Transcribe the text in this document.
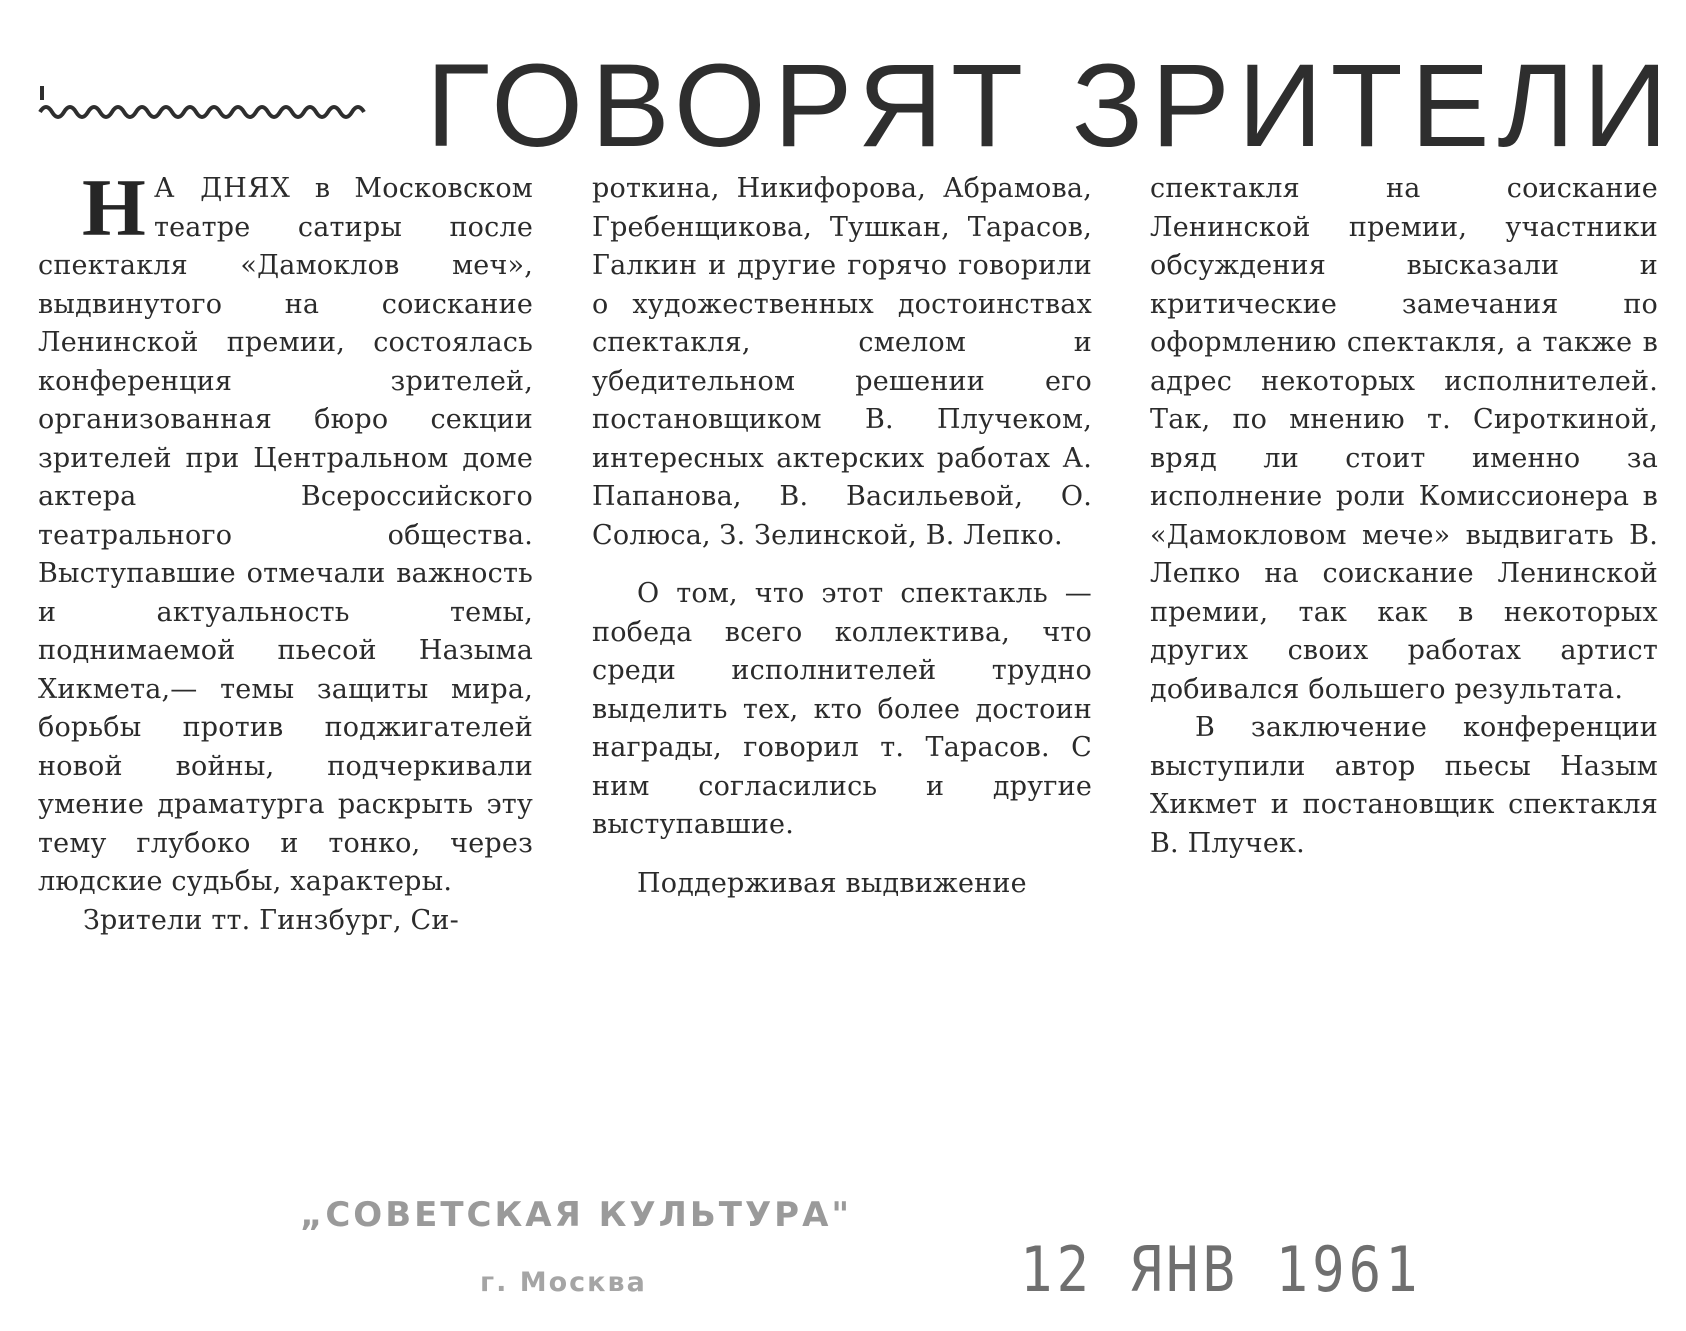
ГОВОРЯТ ЗРИТЕЛИ

Н А ДНЯХ в Московском театре сатиры после спектакля «Дамоклов меч», выдвинутого на соискание Ленинской премии, состоялась конференция зрителей, организованная бюро секции зрителей при Центральном доме актера Всероссийского театрального общества. Выступавшие отмечали важность и актуальность темы, поднимаемой пьесой Назыма Хикмета,— темы защиты мира, борьбы против поджигателей новой войны, подчеркивали умение драматурга раскрыть эту тему глубоко и тонко, через людские судьбы, характеры.

Зрители тт. Гинзбург, Си-

роткина, Никифорова, Абрамова, Гребенщикова, Тушкан, Тарасов, Галкин и другие горячо говорили о художественных достоинствах спектакля, смелом и убедительном решении его постановщиком В. Плучеком, интересных актерских работах А. Папанова, В. Васильевой, О. Солюса, З. Зелинской, В. Лепко.

О том, что этот спектакль —победа всего коллектива, что среди исполнителей трудно выделить тех, кто более достоин награды, говорил т. Тарасов. С ним согласились и другие выступавшие.

Поддерживая выдвижение

спектакля на соискание Ленинской премии, участники обсуждения высказали и критические замечания по оформлению спектакля, а также в адрес некоторых исполнителей. Так, по мнению т. Сироткиной, вряд ли стоит именно за исполнение роли Комиссионера в «Дамокловом мече» выдвигать В. Лепко на соискание Ленинской премии, так как в некоторых других своих работах артист добивался большего результата.

В заключение конференции выступили автор пьесы Назым Хикмет и постановщик спектакля В. Плучек.

„СОВЕТСКАЯ КУЛЬТУРА"
г. Москва	12 ЯНВ 1961
